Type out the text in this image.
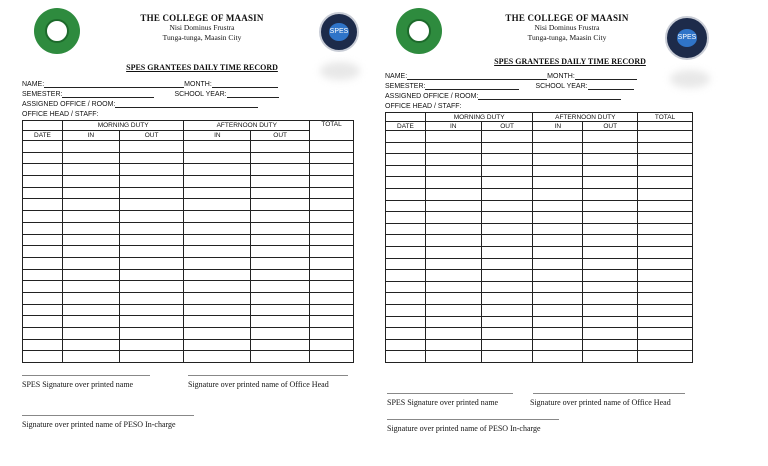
THE COLLEGE OF MAASIN
Nisi Dominus Frustra
Tunga-tunga, Maasin City
SPES
SPES GRANTEES DAILY TIME RECORD
NAME:	MONTH:
SEMESTER:	SCHOOL YEAR:
ASSIGNED OFFICE / ROOM:
OFFICE HEAD / STAFF:
	MORNING DUTY		AFTERNOON DUTY		TOTAL
DATE	IN	OUT	IN	OUT	

SPES Signature over printed name	Signature over printed name of Office Head
Signature over printed name of PESO In-charge
THE COLLEGE OF MAASIN
Nisi Dominus Frustra
Tunga-tunga, Maasin City	SPES
SPES GRANTEES DAILY TIME RECORD
NAME:	MONTH:
SEMESTER:	SCHOOL YEAR:
ASSIGNED OFFICE / ROOM:
OFFICE HEAD / STAFF:
	MORNING DUTY		AFTERNOON DUTY		TOTAL
DATE	IN	OUT	IN	OUT	

SPES Signature over printed name	Signature over printed name of Office Head
Signature over printed name of PESO In-charge
